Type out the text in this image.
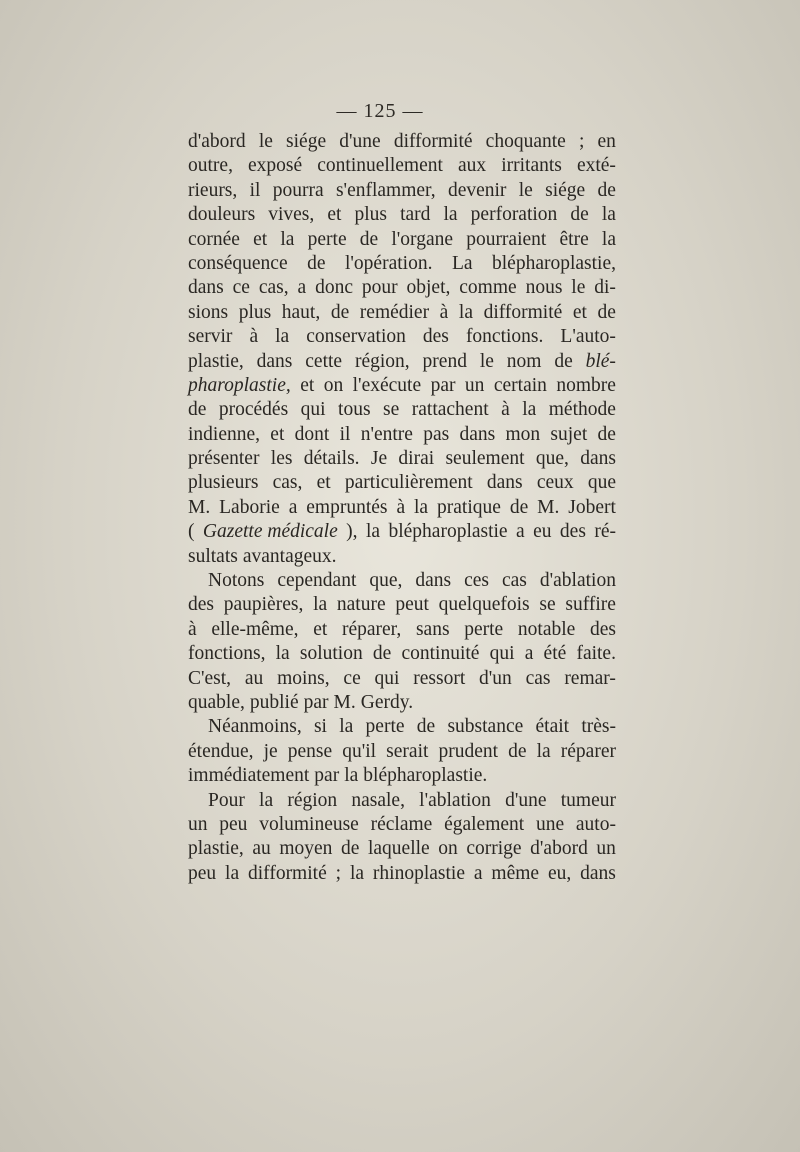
— 125 —
d'abord le siége d'une difformité choquante ; en
outre, exposé continuellement aux irritants exté-
rieurs, il pourra s'enflammer, devenir le siége de
douleurs vives, et plus tard la perforation de la
cornée et la perte de l'organe pourraient être la
conséquence de l'opération. La blépharoplastie,
dans ce cas, a donc pour objet, comme nous le di-
sions plus haut, de remédier à la difformité et de
servir à la conservation des fonctions. L'auto-
plastie, dans cette région, prend le nom de blé-
pharoplastie, et on l'exécute par un certain nombre
de procédés qui tous se rattachent à la méthode
indienne, et dont il n'entre pas dans mon sujet de
présenter les détails. Je dirai seulement que, dans
plusieurs cas, et particulièrement dans ceux que
M. Laborie a empruntés à la pratique de M. Jobert
( Gazette médicale ), la blépharoplastie a eu des ré-
sultats avantageux.
Notons cependant que, dans ces cas d'ablation
des paupières, la nature peut quelquefois se suffire
à elle-même, et réparer, sans perte notable des
fonctions, la solution de continuité qui a été faite.
C'est, au moins, ce qui ressort d'un cas remar-
quable, publié par M. Gerdy.
Néanmoins, si la perte de substance était très-
étendue, je pense qu'il serait prudent de la réparer
immédiatement par la blépharoplastie.
Pour la région nasale, l'ablation d'une tumeur
un peu volumineuse réclame également une auto-
plastie, au moyen de laquelle on corrige d'abord un
peu la difformité ; la rhinoplastie a même eu, dans
